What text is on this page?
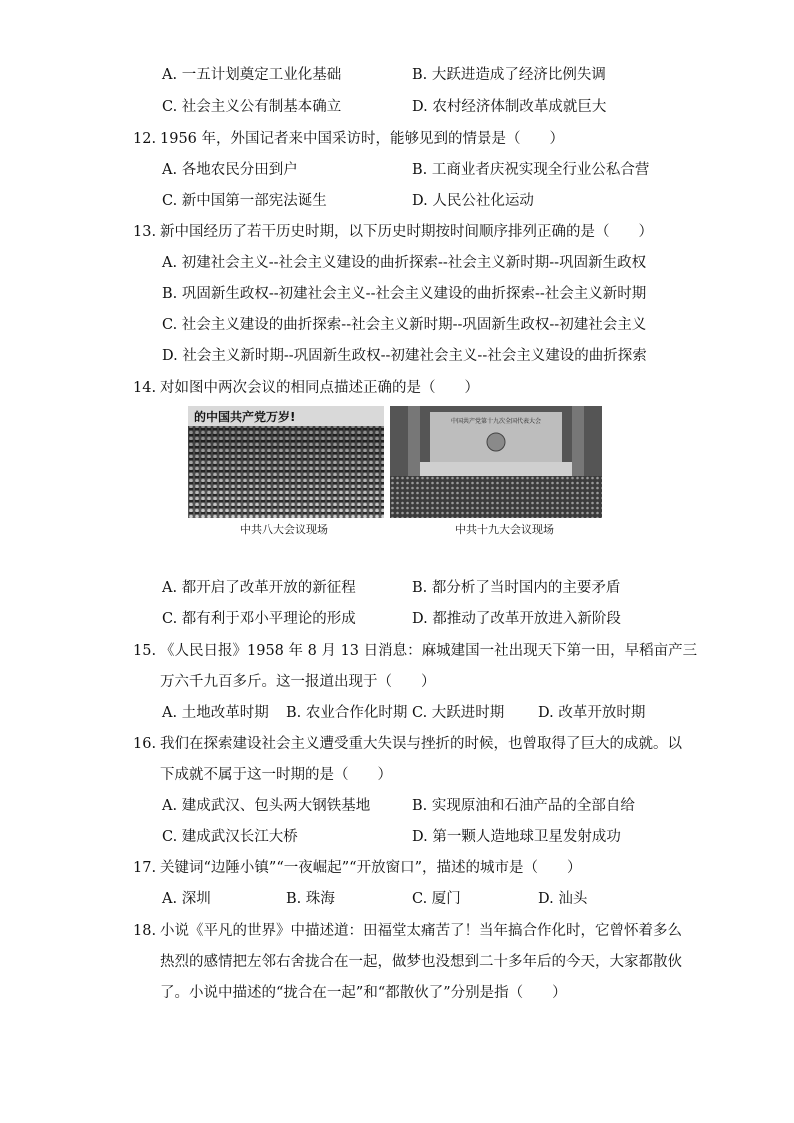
A. 一五计划奠定工业化基础	B. 大跃进造成了经济比例失调
C. 社会主义公有制基本确立	D. 农村经济体制改革成就巨大
12. 1956 年，外国记者来中国采访时，能够见到的情景是（　　）
A. 各地农民分田到户	B. 工商业者庆祝实现全行业公私合营
C. 新中国第一部宪法诞生	D. 人民公社化运动
13. 新中国经历了若干历史时期，以下历史时期按时间顺序排列正确的是（　　）
A. 初建社会主义--社会主义建设的曲折探索--社会主义新时期--巩固新生政权
B. 巩固新生政权--初建社会主义--社会主义建设的曲折探索--社会主义新时期
C. 社会主义建设的曲折探索--社会主义新时期--巩固新生政权--初建社会主义
D. 社会主义新时期--巩固新生政权--初建社会主义--社会主义建设的曲折探索
14. 对如图中两次会议的相同点描述正确的是（　　）
的中国共产党万岁!
中共八大会议现场
中国共产党第十九次全国代表大会
中共十九大会议现场
A. 都开启了改革开放的新征程	B. 都分析了当时国内的主要矛盾
C. 都有利于邓小平理论的形成	D. 都推动了改革开放进入新阶段
15. 《人民日报》1958 年 8 月 13 日消息：麻城建国一社出现天下第一田，早稻亩产三
万六千九百多斤。这一报道出现于（　　）
A. 土地改革时期 B. 农业合作化时期 C. 大跃进时期 D. 改革开放时期
16. 我们在探索建设社会主义遭受重大失误与挫折的时候，也曾取得了巨大的成就。以
下成就不属于这一时期的是（　　）
A. 建成武汉、包头两大钢铁基地	B. 实现原油和石油产品的全部自给
C. 建成武汉长江大桥	D. 第一颗人造地球卫星发射成功
17. 关键词“边陲小镇”“一夜崛起”“开放窗口”，描述的城市是（　　）
A. 深圳	B. 珠海	C. 厦门	D. 汕头
18. 小说《平凡的世界》中描述道：田福堂太痛苦了！当年搞合作化时，它曾怀着多么
热烈的感情把左邻右舍拢合在一起，做梦也没想到二十多年后的今天，大家都散伙
了。小说中描述的“拢合在一起”和“都散伙了”分别是指（　　）
